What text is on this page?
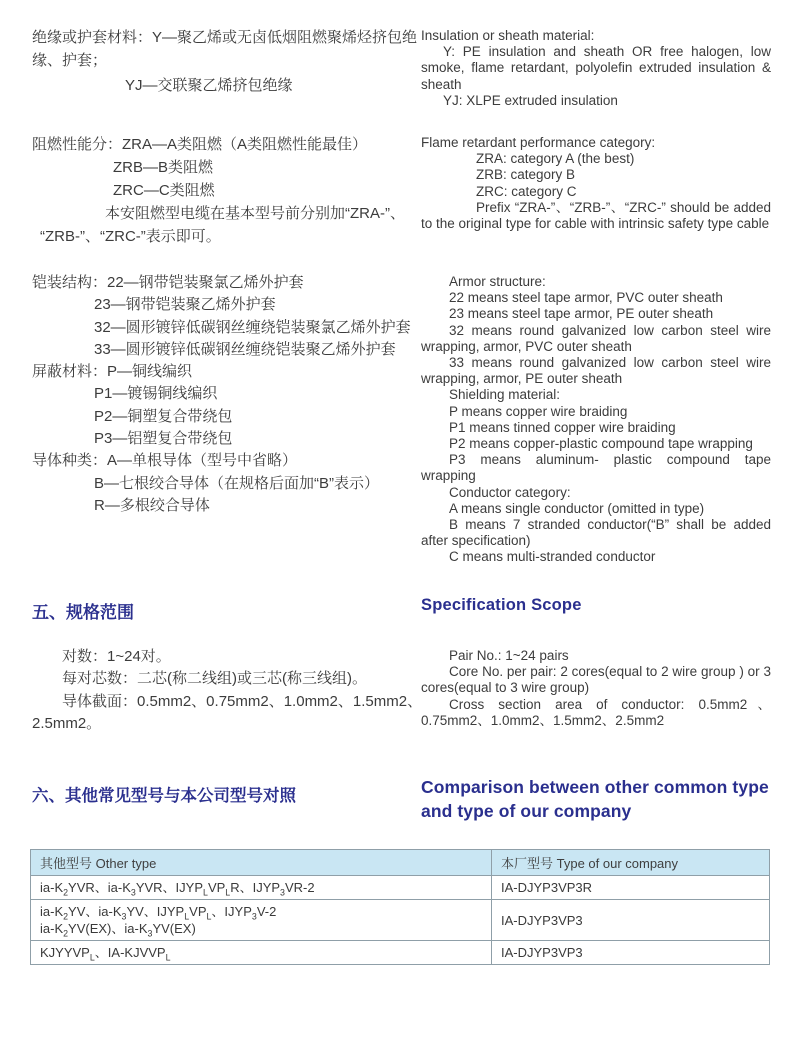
绝缘或护套材料：Y—聚乙烯或无卤低烟阻燃聚烯烃挤包绝
缘、护套；
YJ—交联聚乙烯挤包绝缘
阻燃性能分：ZRA—A类阻燃（A类阻燃性能最佳）
ZRB—B类阻燃
ZRC—C类阻燃
本安阻燃型电缆在基本型号前分别加“ZRA-”、
“ZRB-”、“ZRC-”表示即可。

Insulation or sheath material:

Y: PE insulation and sheath OR free halogen, low smoke, flame retardant, polyolefin extruded insulation & sheath

YJ: XLPE extruded insulation

Flame retardant performance category:

ZRA: category A (the best)

ZRB: category B

ZRC: category C

Prefix “ZRA-”、“ZRB-”、“ZRC-” should be added to the original type for cable with intrinsic safety type cable

铠装结构：22—钢带铠装聚氯乙烯外护套
23—钢带铠装聚乙烯外护套
32—圆形镀锌低碳钢丝缠绕铠装聚氯乙烯外护套
33—圆形镀锌低碳钢丝缠绕铠装聚乙烯外护套
屏蔽材料：P—铜线编织
P1—镀锡铜线编织
P2—铜塑复合带绕包
P3—铝塑复合带绕包
导体种类：A—单根导体（型号中省略）
B—七根绞合导体（在规格后面加“B”表示）
R—多根绞合导体

Armor structure:

22 means steel tape armor, PVC outer sheath

23 means steel tape armor, PE outer sheath

32 means round galvanized low carbon steel wire wrapping, armor, PVC outer sheath

33 means round galvanized low carbon steel wire wrapping, armor, PE outer sheath

Shielding material:

P means copper wire braiding

P1 means tinned copper wire braiding

P2 means copper-plastic compound tape wrapping

P3 means aluminum- plastic compound tape wrapping

Conductor category:

A means single conductor (omitted in type)

B means 7 stranded conductor(“B” shall be added after specification)

C means multi-stranded conductor

五、规格范围	Specification Scope
对数：1~24对。
每对芯数：二芯(称二线组)或三芯(称三线组)。
导体截面：0.5mm2、0.75mm2、1.0mm2、1.5mm2、
2.5mm2。

Pair No.: 1~24 pairs

Core No. per pair: 2 cores(equal to 2 wire group ) or 3 cores(equal to 3 wire group)

Cross section area of conductor: 0.5mm2、0.75mm2、1.0mm2、1.5mm2、2.5mm2

六、其他常见型号与本公司型号对照	Comparison between other common type and type of our company
其他型号 Other type	本厂型号 Type of our company
$ia-K_2YVR$、$ia-K_3YVR$、$IJYP_LVP_LR$、$IJYP_3VR-2$	IA-DJYP3VP3R
$ia-K_2YV$、$ia-K_3YV$、$IJYP_LVP_L$、$IJYP_3V-2$
$ia-K_2YV(EX)$、$ia-K_3YV(EX)$	IA-DJYP3VP3
$KJYYVP_L$、$IA-KJVVP_L$	IA-DJYP3VP3
